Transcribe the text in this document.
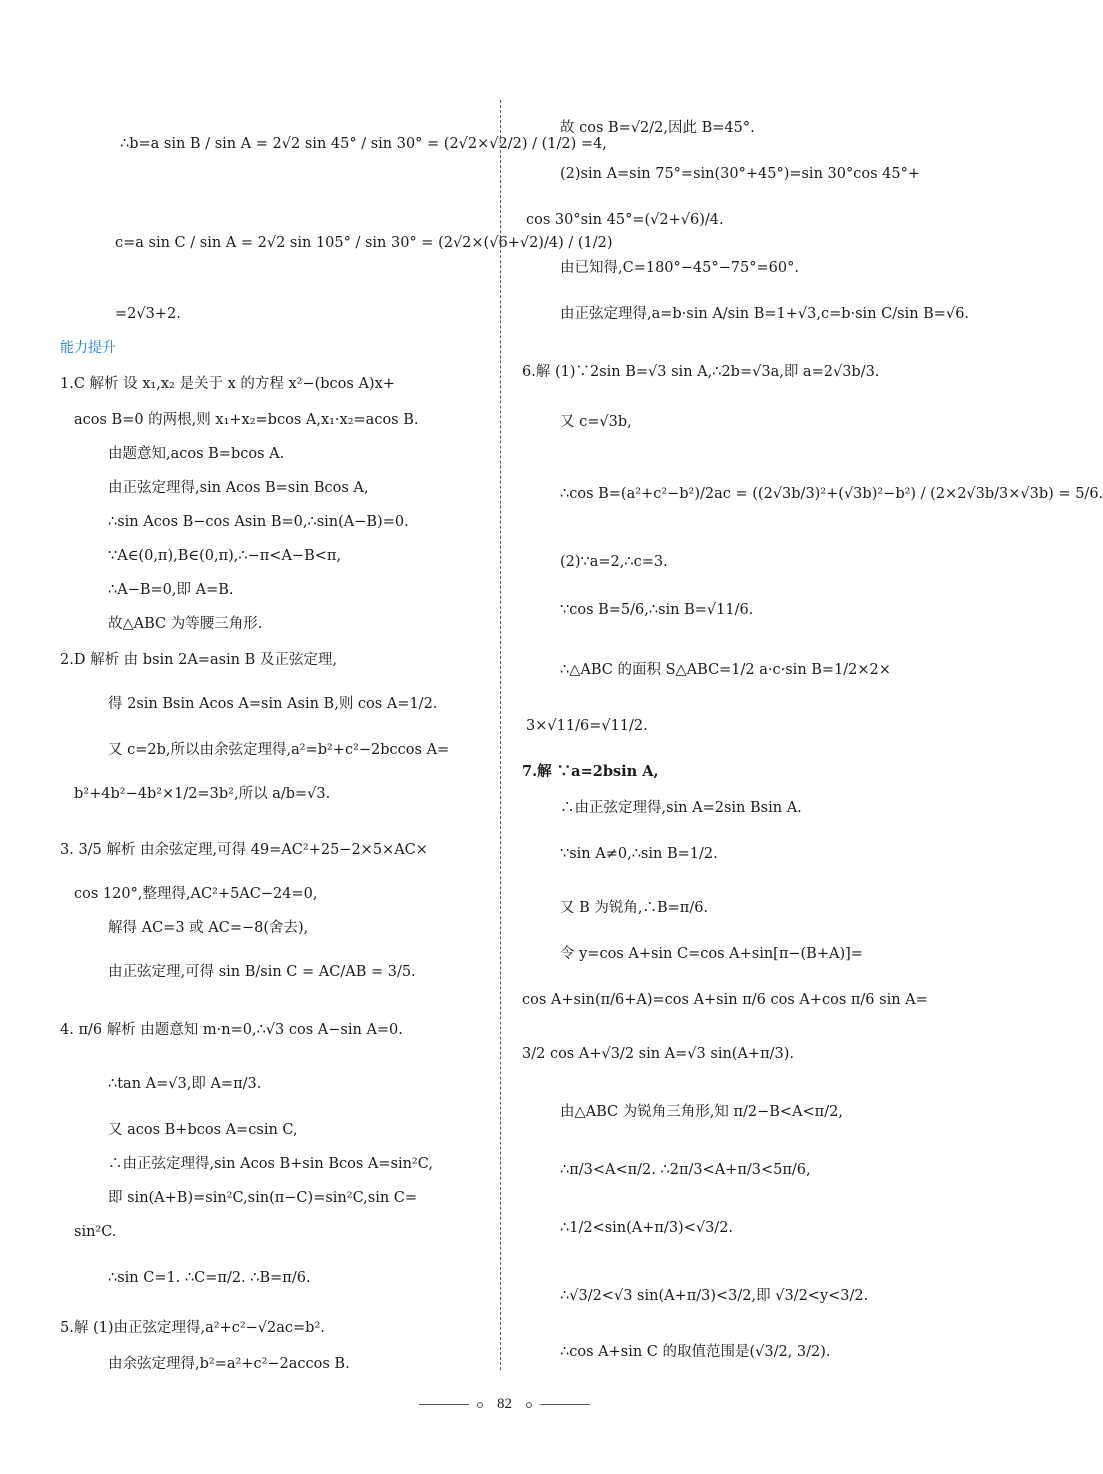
∴b=a sin B / sin A = 2√2 sin 45° / sin 30° = (2√2×√2/2) / (1/2) =4,
c=a sin C / sin A = 2√2 sin 105° / sin 30° = (2√2×(√6+√2)/4) / (1/2)
=2√3+2.
能力提升
1.C 解析 设 x₁,x₂ 是关于 x 的方程 x²−(bcos A)x+
acos B=0 的两根,则 x₁+x₂=bcos A,x₁·x₂=acos B.
由题意知,acos B=bcos A.
由正弦定理得,sin Acos B=sin Bcos A,
∴sin Acos B−cos Asin B=0,∴sin(A−B)=0.
∵A∈(0,π),B∈(0,π),∴−π<A−B<π,
∴A−B=0,即 A=B.
故△ABC 为等腰三角形.
2.D 解析 由 bsin 2A=asin B 及正弦定理,
得 2sin Bsin Acos A=sin Asin B,则 cos A=1/2.
又 c=2b,所以由余弦定理得,a²=b²+c²−2bccos A=
b²+4b²−4b²×1/2=3b²,所以 a/b=√3.
3. 3/5 解析 由余弦定理,可得 49=AC²+25−2×5×AC×
cos 120°,整理得,AC²+5AC−24=0,
解得 AC=3 或 AC=−8(舍去),
由正弦定理,可得 sin B/sin C = AC/AB = 3/5.
4. π/6 解析 由题意知 m·n=0,∴√3 cos A−sin A=0.
∴tan A=√3,即 A=π/3.
又 acos B+bcos A=csin C,
∴由正弦定理得,sin Acos B+sin Bcos A=sin²C,
即 sin(A+B)=sin²C,sin(π−C)=sin²C,sin C=
sin²C.
∴sin C=1. ∴C=π/2. ∴B=π/6.
5.解 (1)由正弦定理得,a²+c²−√2ac=b².
由余弦定理得,b²=a²+c²−2accos B.
故 cos B=√2/2,因此 B=45°.
(2)sin A=sin 75°=sin(30°+45°)=sin 30°cos 45°+
cos 30°sin 45°=(√2+√6)/4.
由已知得,C=180°−45°−75°=60°.
由正弦定理得,a=b·sin A/sin B=1+√3,c=b·sin C/sin B=√6.
6.解 (1)∵2sin B=√3 sin A,∴2b=√3a,即 a=2√3b/3.
又 c=√3b,
∴cos B=(a²+c²−b²)/2ac = ((2√3b/3)²+(√3b)²−b²) / (2×2√3b/3×√3b) = 5/6.
(2)∵a=2,∴c=3.
∵cos B=5/6,∴sin B=√11/6.
∴△ABC 的面积 S△ABC=1/2 a·c·sin B=1/2×2×
3×√11/6=√11/2.
7.解 ∵a=2bsin A,
∴由正弦定理得,sin A=2sin Bsin A.
∵sin A≠0,∴sin B=1/2.
又 B 为锐角,∴B=π/6.
令 y=cos A+sin C=cos A+sin[π−(B+A)]=
cos A+sin(π/6+A)=cos A+sin π/6 cos A+cos π/6 sin A=
3/2 cos A+√3/2 sin A=√3 sin(A+π/3).
由△ABC 为锐角三角形,知 π/2−B<A<π/2,
∴π/3<A<π/2. ∴2π/3<A+π/3<5π/6,
∴1/2<sin(A+π/3)<√3/2.
∴√3/2<√3 sin(A+π/3)<3/2,即 √3/2<y<3/2.
∴cos A+sin C 的取值范围是(√3/2, 3/2).
82
